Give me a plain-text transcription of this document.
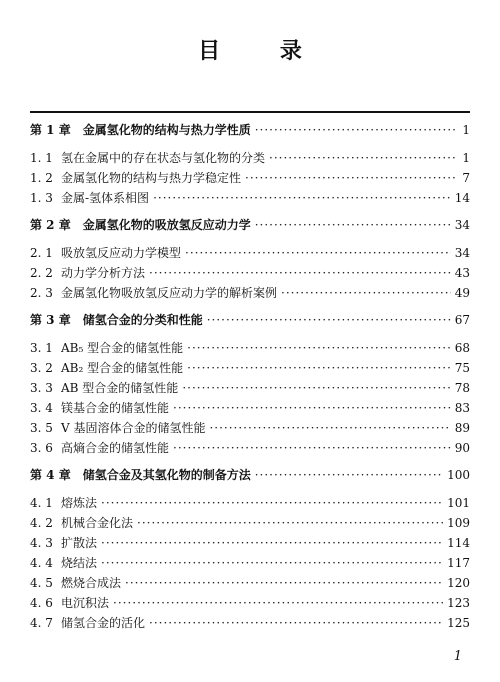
目 录
第 1 章 金属氢化物的结构与热力学性质 ·····	1
1. 1 氢在金属中的存在状态与氢化物的分类 ·····	1
1. 2 金属氢化物的结构与热力学稳定性 ·····	7
1. 3 金属-氢体系相图 ·····	14
第 2 章 金属氢化物的吸放氢反应动力学 ·····	34
2. 1 吸放氢反应动力学模型 ·····	34
2. 2 动力学分析方法 ·····	43
2. 3 金属氢化物吸放氢反应动力学的解析案例 ·····	49
第 3 章 储氢合金的分类和性能 ·····	67
3. 1 AB₅ 型合金的储氢性能 ·····	68
3. 2 AB₂ 型合金的储氢性能 ·····	75
3. 3 AB 型合金的储氢性能 ·····	78
3. 4 镁基合金的储氢性能 ·····	83
3. 5 V 基固溶体合金的储氢性能 ·····	89
3. 6 高熵合金的储氢性能 ·····	90
第 4 章 储氢合金及其氢化物的制备方法 ·····	100
4. 1 熔炼法 ·····	101
4. 2 机械合金化法 ·····	109
4. 3 扩散法 ·····	114
4. 4 烧结法 ·····	117
4. 5 燃烧合成法 ·····	120
4. 6 电沉积法 ·····	123
4. 7 储氢合金的活化 ·····	125
1
